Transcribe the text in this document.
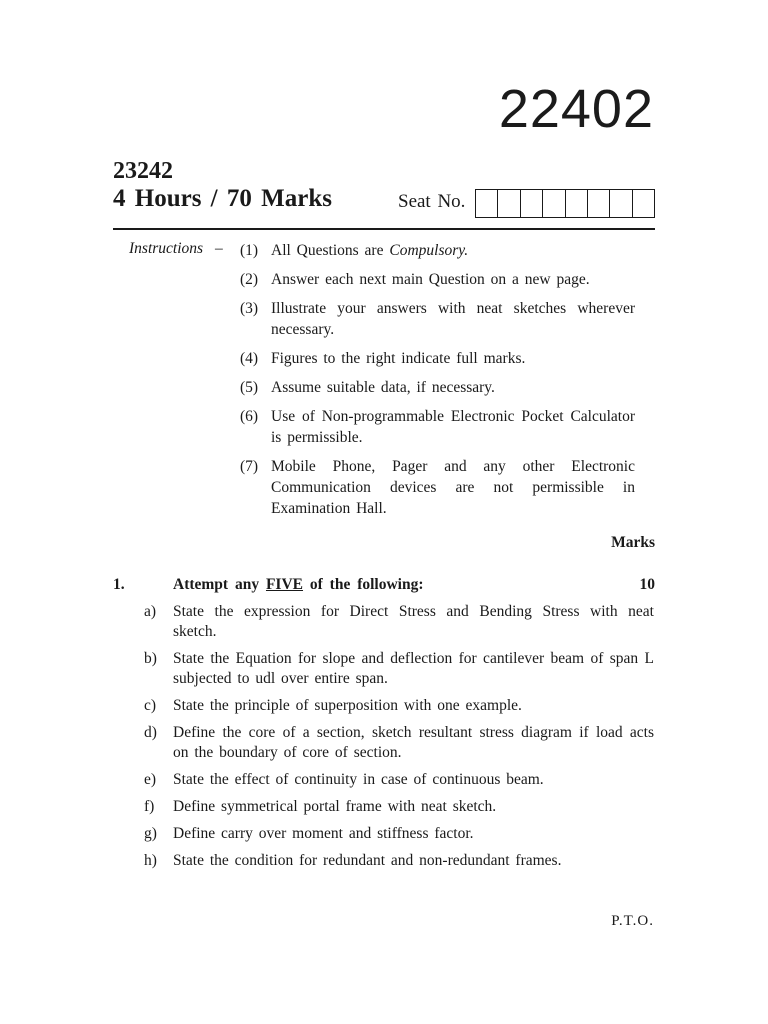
22402
23242
4 Hours / 70 Marks	Seat No.
Instructions – (1) All Questions are Compulsory.
(2) Answer each next main Question on a new page.
(3) Illustrate your answers with neat sketches wherever necessary.
(4) Figures to the right indicate full marks.
(5) Assume suitable data, if necessary.
(6) Use of Non-programmable Electronic Pocket Calculator is permissible.
(7) Mobile Phone, Pager and any other Electronic Communication devices are not permissible in Examination Hall.
Marks
1.	Attempt any FIVE of the following:	10
a)	State the expression for Direct Stress and Bending Stress with neat sketch.
b)	State the Equation for slope and deflection for cantilever beam of span L subjected to udl over entire span.
c)	State the principle of superposition with one example.
d)	Define the core of a section, sketch resultant stress diagram if load acts on the boundary of core of section.
e)	State the effect of continuity in case of continuous beam.
f)	Define symmetrical portal frame with neat sketch.
g)	Define carry over moment and stiffness factor.
h)	State the condition for redundant and non-redundant frames.
P.T.O.
